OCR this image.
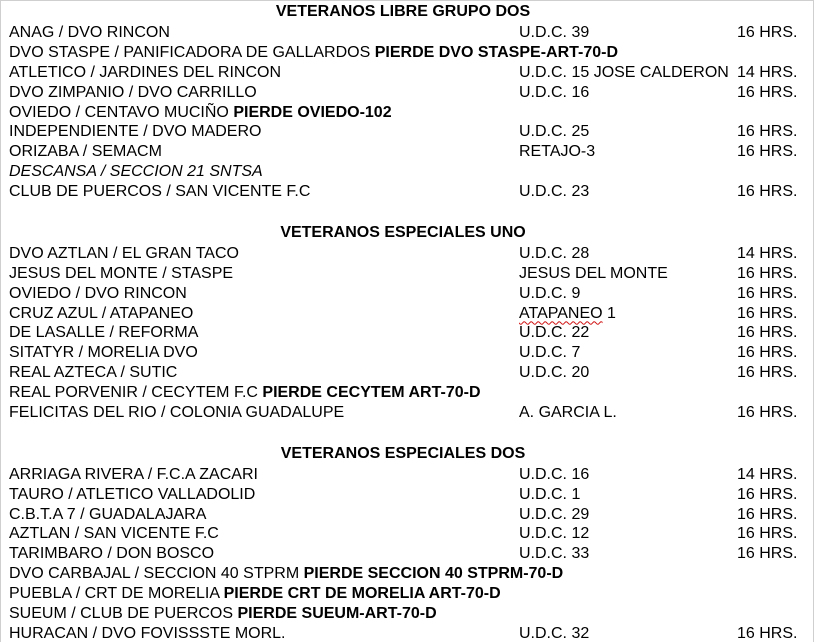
VETERANOS LIBRE GRUPO DOS
ANAG / DVO RINCON	U.D.C. 39	16 HRS.
DVO STASPE / PANIFICADORA DE GALLARDOS PIERDE DVO STASPE-ART-70-D
ATLETICO / JARDINES DEL RINCON	U.D.C. 15 JOSE CALDERON 14 HRS.
DVO ZIMPANIO / DVO CARRILLO	U.D.C. 16	16 HRS.
OVIEDO / CENTAVO MUCIÑO PIERDE OVIEDO-102
INDEPENDIENTE / DVO MADERO	U.D.C. 25	16 HRS.
ORIZABA / SEMACM	RETAJO-3	16 HRS.
DESCANSA / SECCION 21 SNTSA
CLUB DE PUERCOS / SAN VICENTE F.C	U.D.C. 23	16 HRS.
VETERANOS ESPECIALES UNO
DVO AZTLAN / EL GRAN TACO	U.D.C. 28	14 HRS.
JESUS DEL MONTE / STASPE	JESUS DEL MONTE	16 HRS.
OVIEDO / DVO RINCON	U.D.C. 9	16 HRS.
CRUZ AZUL / ATAPANEO	ATAPANEO 1	16 HRS.
DE LASALLE / REFORMA	U.D.C. 22	16 HRS.
SITATYR / MORELIA DVO	U.D.C. 7	16 HRS.
REAL AZTECA / SUTIC	U.D.C. 20	16 HRS.
REAL PORVENIR / CECYTEM F.C PIERDE CECYTEM ART-70-D
FELICITAS DEL RIO / COLONIA GUADALUPE	A. GARCIA L.	16 HRS.
VETERANOS ESPECIALES DOS
ARRIAGA RIVERA / F.C.A ZACARI	U.D.C. 16	14 HRS.
TAURO / ATLETICO VALLADOLID	U.D.C. 1	16 HRS.
C.B.T.A 7 / GUADALAJARA	U.D.C. 29	16 HRS.
AZTLAN / SAN VICENTE F.C	U.D.C. 12	16 HRS.
TARIMBARO / DON BOSCO	U.D.C. 33	16 HRS.
DVO CARBAJAL / SECCION 40 STPRM PIERDE SECCION 40 STPRM-70-D
PUEBLA / CRT DE MORELIA PIERDE CRT DE MORELIA ART-70-D
SUEUM / CLUB DE PUERCOS PIERDE SUEUM-ART-70-D
HURACAN / DVO FOVISSSTE MORL.	U.D.C. 32	16 HRS.
